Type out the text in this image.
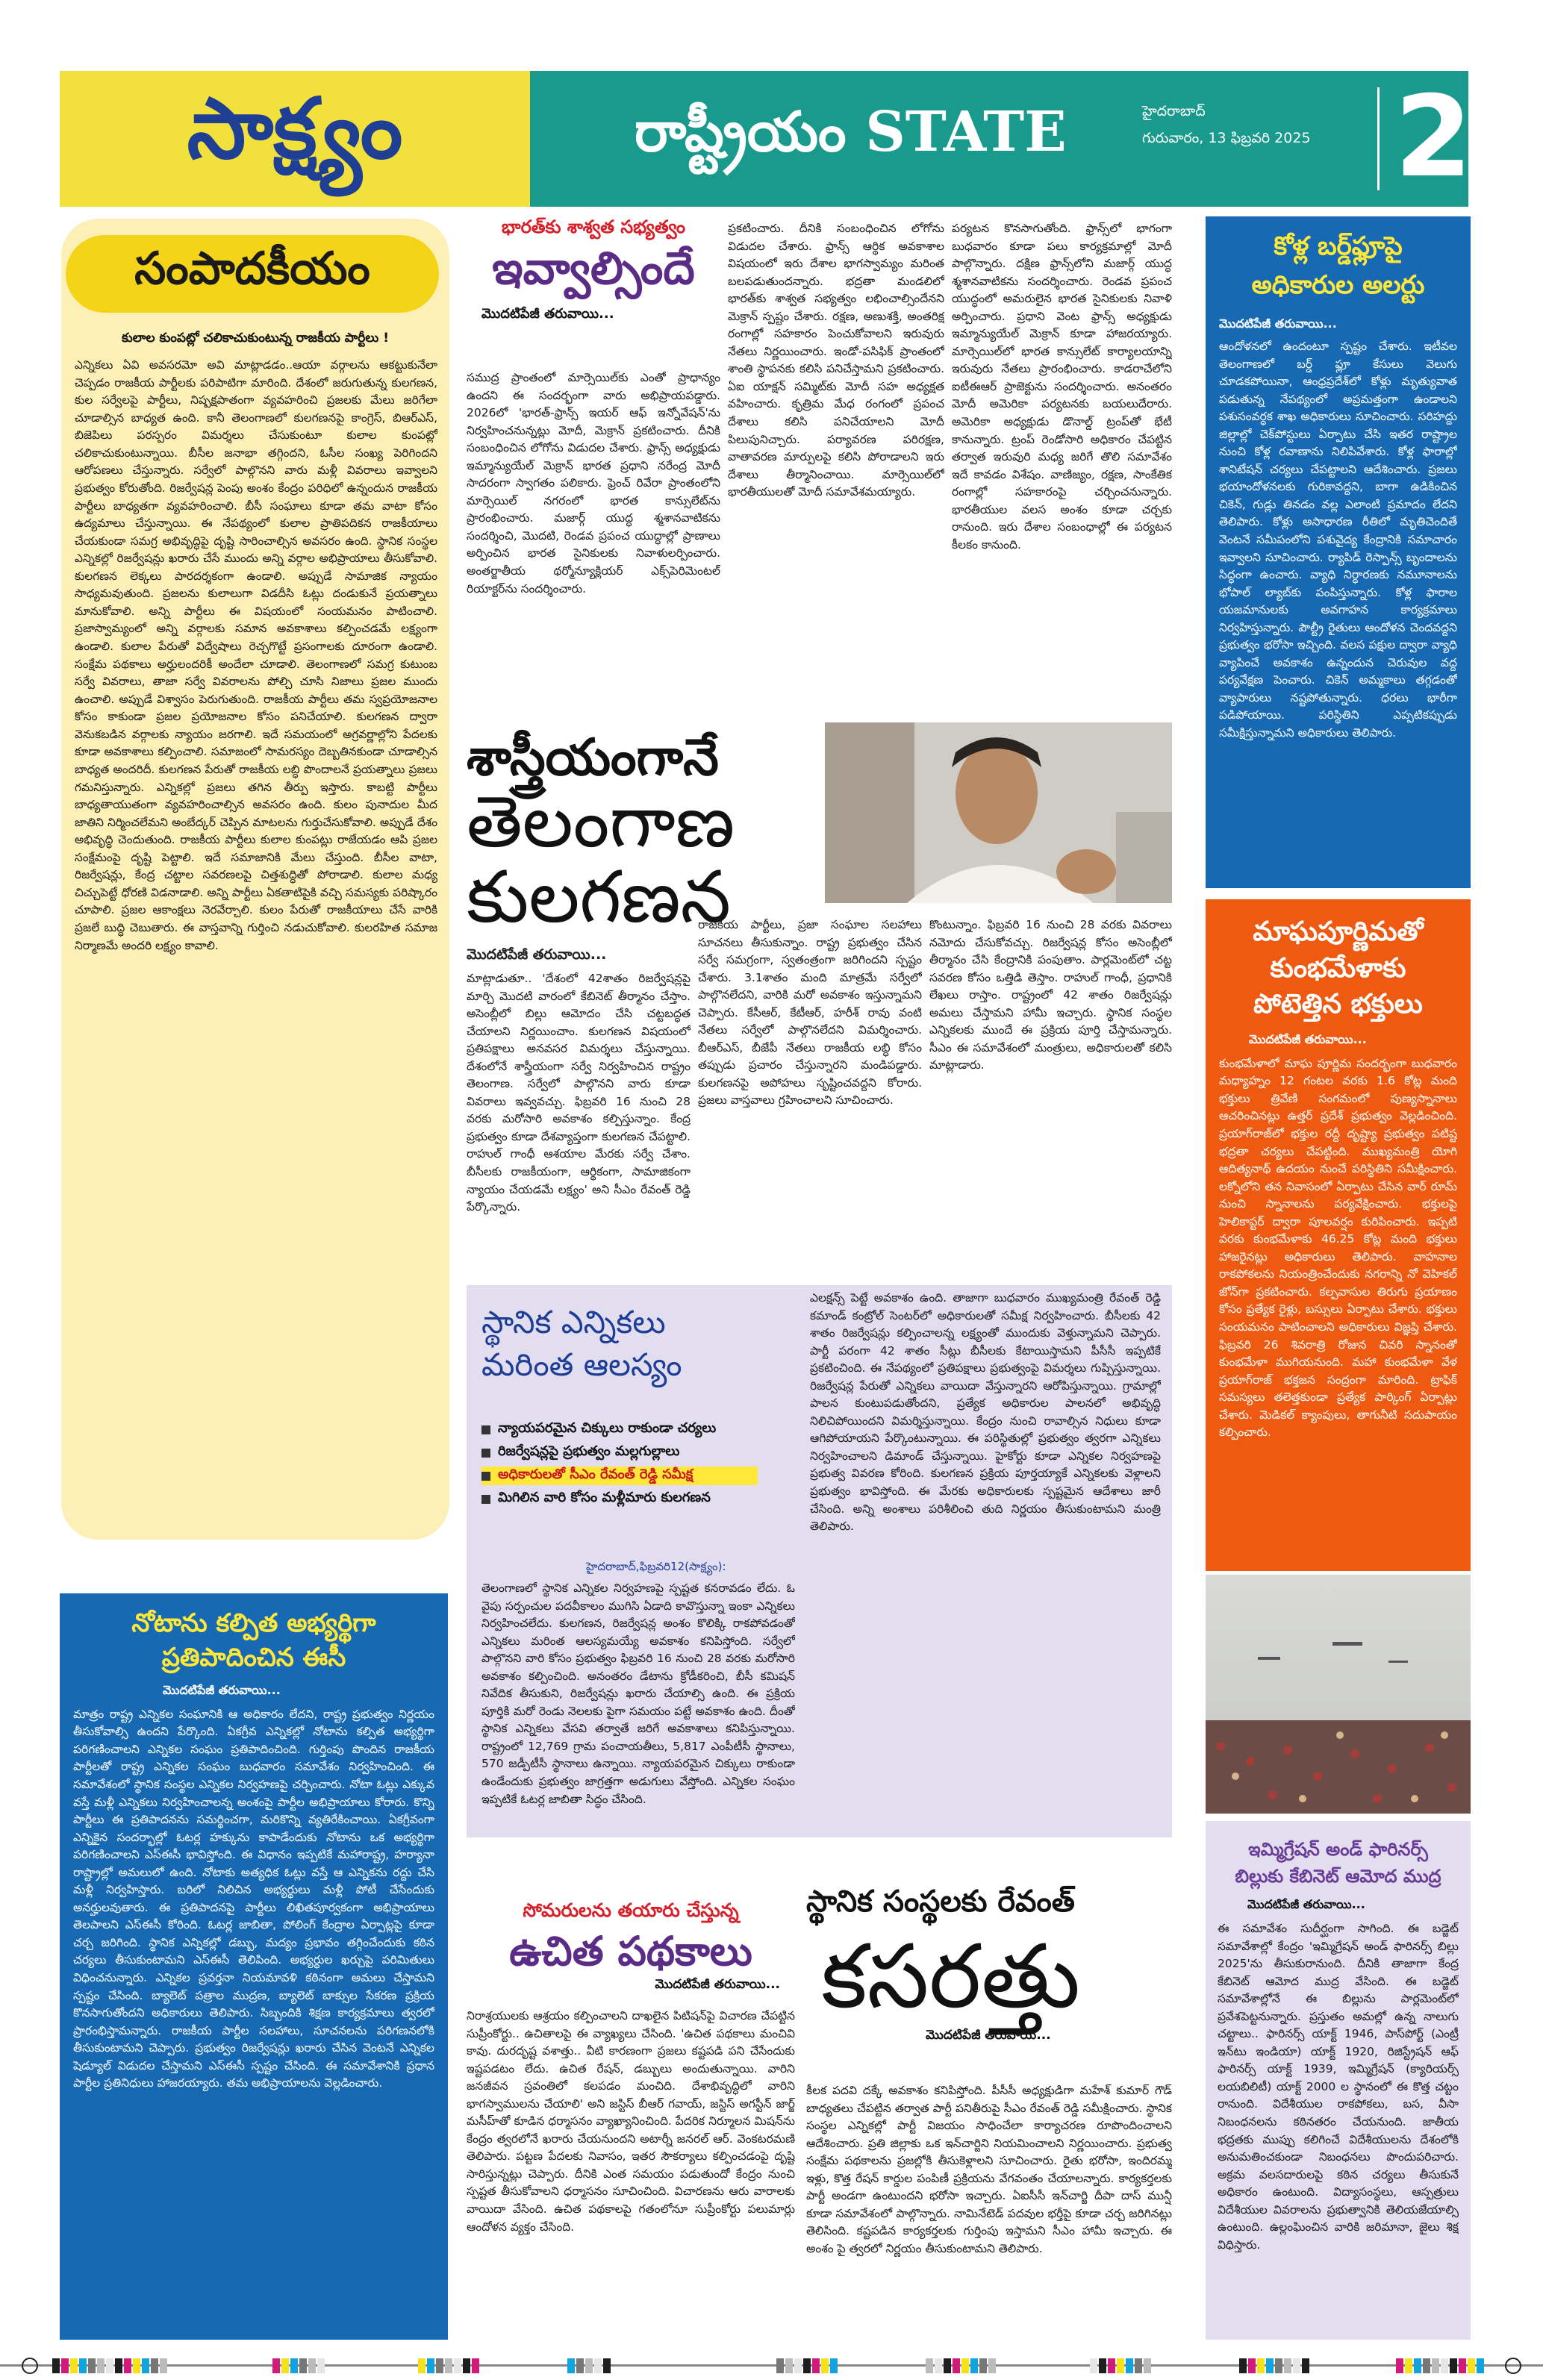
సాక్ష్యం	రాష్ట్రీయం STATE	హైదరాబాద్
గురువారం, 13 ఫిబ్రవరి 2025 2
సంపాదకీయం
కులాల కుంపట్లో చలికాచుకుంటున్న రాజకీయ పార్టీలు !
ఎన్నికలు ఏవి అవసరమో అవి మాట్లాడడం..ఆయా వర్గాలను ఆకట్టుకునేలా చెప్పడం రాజకీయ పార్టీలకు పరిపాటిగా మారింది. దేశంలో జరుగుతున్న కులగణన, కుల సర్వేలపై పార్టీలు, నిష్పక్షపాతంగా వ్యవహరించి ప్రజలకు మేలు జరిగేలా చూడాల్సిన బాధ్యత ఉంది. కానీ తెలంగాణలో కులగణనపై కాంగ్రెస్, బిఆర్ఎస్, బిజెపిలు పరస్పరం విమర్శలు చేసుకుంటూ కులాల కుంపట్లో చలికాచుకుంటున్నాయి. బీసీల జనాభా తగ్గిందని, ఓసీల సంఖ్య పెరిగిందని ఆరోపణలు చేస్తున్నారు. సర్వేలో పాల్గొనని వారు మళ్లీ వివరాలు ఇవ్వాలని ప్రభుత్వం కోరుతోంది. రిజర్వేషన్ల పెంపు అంశం కేంద్రం పరిధిలో ఉన్నందున రాజకీయ పార్టీలు బాధ్యతగా వ్యవహరించాలి. బీసీ సంఘాలు కూడా తమ వాటా కోసం ఉద్యమాలు చేస్తున్నాయి. ఈ నేపథ్యంలో కులాల ప్రాతిపదికన రాజకీయాలు చేయకుండా సమగ్ర అభివృద్ధిపై దృష్టి సారించాల్సిన అవసరం ఉంది. స్థానిక సంస్థల ఎన్నికల్లో రిజర్వేషన్లు ఖరారు చేసే ముందు అన్ని వర్గాల అభిప్రాయాలు తీసుకోవాలి. కులగణన లెక్కలు పారదర్శకంగా ఉండాలి. అప్పుడే సామాజిక న్యాయం సాధ్యమవుతుంది. ప్రజలను కులాలుగా విడదీసి ఓట్లు దండుకునే ప్రయత్నాలు మానుకోవాలి. అన్ని పార్టీలు ఈ విషయంలో సంయమనం పాటించాలి. ప్రజాస్వామ్యంలో అన్ని వర్గాలకు సమాన అవకాశాలు కల్పించడమే లక్ష్యంగా ఉండాలి. కులాల పేరుతో విద్వేషాలు రెచ్చగొట్టే ప్రసంగాలకు దూరంగా ఉండాలి. సంక్షేమ పథకాలు అర్హులందరికీ అందేలా చూడాలి. తెలంగాణలో సమగ్ర కుటుంబ సర్వే వివరాలు, తాజా సర్వే వివరాలను పోల్చి చూసి నిజాలు ప్రజల ముందు ఉంచాలి. అప్పుడే విశ్వాసం పెరుగుతుంది. రాజకీయ పార్టీలు తమ స్వప్రయోజనాల కోసం కాకుండా ప్రజల ప్రయోజనాల కోసం పనిచేయాలి. కులగణన ద్వారా వెనుకబడిన వర్గాలకు న్యాయం జరగాలి. ఇదే సమయంలో అగ్రవర్ణాల్లోని పేదలకు కూడా అవకాశాలు కల్పించాలి. సమాజంలో సామరస్యం దెబ్బతినకుండా చూడాల్సిన బాధ్యత అందరిదీ. కులగణన పేరుతో రాజకీయ లబ్ధి పొందాలనే ప్రయత్నాలు ప్రజలు గమనిస్తున్నారు. ఎన్నికల్లో ప్రజలు తగిన తీర్పు ఇస్తారు. కాబట్టి పార్టీలు బాధ్యతాయుతంగా వ్యవహరించాల్సిన అవసరం ఉంది. కులం పునాదుల మీద జాతిని నిర్మించలేమని అంబేద్కర్ చెప్పిన మాటలను గుర్తుచేసుకోవాలి. అప్పుడే దేశం అభివృద్ధి చెందుతుంది. రాజకీయ పార్టీలు కులాల కుంపట్లు రాజేయడం ఆపి ప్రజల సంక్షేమంపై దృష్టి పెట్టాలి. ఇదే సమాజానికి మేలు చేస్తుంది. బీసీల వాటా, రిజర్వేషన్లు, కేంద్ర చట్టాల సవరణలపై చిత్తశుద్ధితో పోరాడాలి. కులాల మధ్య చిచ్చుపెట్టే ధోరణి విడనాడాలి. అన్ని పార్టీలు ఏకతాటిపైకి వచ్చి సమస్యకు పరిష్కారం చూపాలి. ప్రజల ఆకాంక్షలు నెరవేర్చాలి. కులం పేరుతో రాజకీయాలు చేసే వారికి ప్రజలే బుద్ధి చెబుతారు. ఈ వాస్తవాన్ని గుర్తించి నడుచుకోవాలి. కులరహిత సమాజ నిర్మాణమే అందరి లక్ష్యం కావాలి.
భారత్‌కు శాశ్వత సభ్యత్వం
ఇవ్వాల్సిందే
మొదటిపేజీ తరువాయి...
సముద్ర ప్రాంతంలో మార్సెయిల్‌కు ఎంతో ప్రాధాన్యం ఉందని ఈ సందర్భంగా వారు అభిప్రాయపడ్డారు. 2026లో 'భారత్-ఫ్రాన్స్ ఇయర్ ఆఫ్ ఇన్నోవేషన్'ను నిర్వహించనున్నట్లు మోదీ, మెక్రాన్ ప్రకటించారు. దీనికి సంబంధించిన లోగోను విడుదల చేశారు. ఫ్రాన్స్ అధ్యక్షుడు ఇమ్మాన్యుయేల్ మెక్రాన్ భారత ప్రధాని నరేంద్ర మోదీ సాదరంగా స్వాగతం పలికారు. ఫ్రెంచ్ రివేరా ప్రాంతంలోని మార్సెయిల్ నగరంలో భారత కాన్సులేట్‌ను ప్రారంభించారు. మజార్గ్ యుద్ధ శ్మశానవాటికను సందర్శించి, మొదటి, రెండవ ప్రపంచ యుద్ధాల్లో ప్రాణాలు అర్పించిన భారత సైనికులకు నివాళులర్పించారు. అంతర్జాతీయ థర్మోన్యూక్లియర్ ఎక్స్‌పెరిమెంటల్ రియాక్టర్‌ను సందర్శించారు.
ప్రకటించారు. దీనికి సంబంధించిన లోగోను విడుదల చేశారు. ఫ్రాన్స్ ఆర్థిక అవకాశాల విషయంలో ఇరు దేశాల భాగస్వామ్యం మరింత బలపడుతుందన్నారు. భద్రతా మండలిలో భారత్‌కు శాశ్వత సభ్యత్వం లభించాల్సిందేనని మెక్రాన్ స్పష్టం చేశారు. రక్షణ, అణుశక్తి, అంతరిక్ష రంగాల్లో సహకారం పెంచుకోవాలని ఇరువురు నేతలు నిర్ణయించారు. ఇండో-పసిఫిక్ ప్రాంతంలో శాంతి స్థాపనకు కలిసి పనిచేస్తామని ప్రకటించారు. ఏఐ యాక్షన్ సమ్మిట్‌కు మోదీ సహ అధ్యక్షత వహించారు. కృత్రిమ మేధ రంగంలో ప్రపంచ దేశాలు కలిసి పనిచేయాలని మోదీ పిలుపునిచ్చారు. పర్యావరణ పరిరక్షణ, వాతావరణ మార్పులపై కలిసి పోరాడాలని ఇరు దేశాలు తీర్మానించాయి. మార్సెయిల్‌లో భారతీయులతో మోదీ సమావేశమయ్యారు.
పర్యటన కొనసాగుతోంది. ఫ్రాన్స్‌లో భాగంగా బుధవారం కూడా పలు కార్యక్రమాల్లో మోదీ పాల్గొన్నారు. దక్షిణ ఫ్రాన్స్‌లోని మజార్గ్ యుద్ధ శ్మశానవాటికను సందర్శించారు. రెండవ ప్రపంచ యుద్ధంలో అమరులైన భారత సైనికులకు నివాళి అర్పించారు. ప్రధాని వెంట ఫ్రాన్స్ అధ్యక్షుడు ఇమ్మాన్యుయేల్ మెక్రాన్ కూడా హాజరయ్యారు. మార్సెయిల్‌లో భారత కాన్సులేట్ కార్యాలయాన్ని ఇరువురు నేతలు ప్రారంభించారు. కాడరాచేలోని ఐటీఈఆర్ ప్రాజెక్టును సందర్శించారు. అనంతరం మోదీ అమెరికా పర్యటనకు బయలుదేరారు. అమెరికా అధ్యక్షుడు డొనాల్డ్ ట్రంప్‌తో భేటీ కానున్నారు. ట్రంప్ రెండోసారి అధికారం చేపట్టిన తర్వాత ఇరువురి మధ్య జరిగే తొలి సమావేశం ఇదే కావడం విశేషం. వాణిజ్యం, రక్షణ, సాంకేతిక రంగాల్లో సహకారంపై చర్చించనున్నారు. భారతీయుల వలస అంశం కూడా చర్చకు రానుంది. ఇరు దేశాల సంబంధాల్లో ఈ పర్యటన కీలకం కానుంది.
కోళ్ల బర్డ్‌ఫ్లూపై
అధికారుల అలర్టు
మొదటిపేజీ తరువాయి...
ఆందోళనలో ఉందంటూ స్పష్టం చేశారు. ఇటీవల తెలంగాణలో బర్డ్ ఫ్లూ కేసులు వెలుగు చూడకపోయినా, ఆంధ్రప్రదేశ్‌లో కోళ్లు మృత్యువాత పడుతున్న నేపథ్యంలో అప్రమత్తంగా ఉండాలని పశుసంవర్ధక శాఖ అధికారులు సూచించారు. సరిహద్దు జిల్లాల్లో చెక్‌పోస్టులు ఏర్పాటు చేసి ఇతర రాష్ట్రాల నుంచి కోళ్ల రవాణాను నిలిపివేశారు. కోళ్ల ఫారాల్లో శానిటేషన్ చర్యలు చేపట్టాలని ఆదేశించారు. ప్రజలు భయాందోళనలకు గురికావద్దని, బాగా ఉడికించిన చికెన్, గుడ్లు తినడం వల్ల ఎలాంటి ప్రమాదం లేదని తెలిపారు. కోళ్లు అసాధారణ రీతిలో మృతిచెందితే వెంటనే సమీపంలోని పశువైద్య కేంద్రానికి సమాచారం ఇవ్వాలని సూచించారు. ర్యాపిడ్ రెస్పాన్స్ బృందాలను సిద్ధంగా ఉంచారు. వ్యాధి నిర్ధారణకు నమూనాలను భోపాల్ ల్యాబ్‌కు పంపిస్తున్నారు. కోళ్ల ఫారాల యజమానులకు అవగాహన కార్యక్రమాలు నిర్వహిస్తున్నారు. పౌల్ట్రీ రైతులు ఆందోళన చెందవద్దని ప్రభుత్వం భరోసా ఇచ్చింది. వలస పక్షుల ద్వారా వ్యాధి వ్యాపించే అవకాశం ఉన్నందున చెరువుల వద్ద పర్యవేక్షణ పెంచారు. చికెన్ అమ్మకాలు తగ్గడంతో వ్యాపారులు నష్టపోతున్నారు. ధరలు భారీగా పడిపోయాయి. పరిస్థితిని ఎప్పటికప్పుడు సమీక్షిస్తున్నామని అధికారులు తెలిపారు.
శాస్త్రీయంగానే
తెలంగాణ
కులగణన
మొదటిపేజీ తరువాయి...
మాట్లాడుతూ.. 'దేశంలో 42శాతం రిజర్వేషన్లపై మార్చి మొదటి వారంలో కేబినెట్ తీర్మానం చేస్తాం. అసెంబ్లీలో బిల్లు ఆమోదం చేసి చట్టబద్ధత చేయాలని నిర్ణయించాం. కులగణన విషయంలో ప్రతిపక్షాలు అనవసర విమర్శలు చేస్తున్నాయి. దేశంలోనే శాస్త్రీయంగా సర్వే నిర్వహించిన రాష్ట్రం తెలంగాణ. సర్వేలో పాల్గొనని వారు కూడా వివరాలు ఇవ్వవచ్చు. ఫిబ్రవరి 16 నుంచి 28 వరకు మరోసారి అవకాశం కల్పిస్తున్నాం. కేంద్ర ప్రభుత్వం కూడా దేశవ్యాప్తంగా కులగణన చేపట్టాలి. రాహుల్ గాంధీ ఆశయాల మేరకు సర్వే చేశాం. బీసీలకు రాజకీయంగా, ఆర్థికంగా, సామాజికంగా న్యాయం చేయడమే లక్ష్యం' అని సీఎం రేవంత్ రెడ్డి పేర్కొన్నారు.
రాజకీయ పార్టీలు, ప్రజా సంఘాల సలహాలు సూచనలు తీసుకున్నాం. రాష్ట్ర ప్రభుత్వం చేసిన సర్వే సమగ్రంగా, స్వతంత్రంగా జరిగిందని స్పష్టం చేశారు. 3.1శాతం మంది మాత్రమే సర్వేలో పాల్గొనలేదని, వారికి మరో అవకాశం ఇస్తున్నామని చెప్పారు. కేసీఆర్, కేటీఆర్, హరీశ్ రావు వంటి నేతలు సర్వేలో పాల్గొనలేదని విమర్శించారు. బీఆర్ఎస్, బీజేపీ నేతలు రాజకీయ లబ్ధి కోసం తప్పుడు ప్రచారం చేస్తున్నారని మండిపడ్డారు. కులగణనపై అపోహలు సృష్టించవద్దని కోరారు. ప్రజలు వాస్తవాలు గ్రహించాలని సూచించారు.
కొంటున్నాం. ఫిబ్రవరి 16 నుంచి 28 వరకు వివరాలు నమోదు చేసుకోవచ్చు. రిజర్వేషన్ల కోసం అసెంబ్లీలో తీర్మానం చేసి కేంద్రానికి పంపుతాం. పార్లమెంట్‌లో చట్ట సవరణ కోసం ఒత్తిడి తెస్తాం. రాహుల్ గాంధీ, ప్రధానికి లేఖలు రాస్తాం. రాష్ట్రంలో 42 శాతం రిజర్వేషన్లు అమలు చేస్తామని హామీ ఇచ్చారు. స్థానిక సంస్థల ఎన్నికలకు ముందే ఈ ప్రక్రియ పూర్తి చేస్తామన్నారు. సీఎం ఈ సమావేశంలో మంత్రులు, అధికారులతో కలిసి మాట్లాడారు.
మాఘపూర్ణిమతో
కుంభమేళాకు
పోటెత్తిన భక్తులు
మొదటిపేజీ తరువాయి...
కుంభమేళాలో మాఘ పూర్ణిమ సందర్భంగా బుధవారం మధ్యాహ్నం 12 గంటల వరకు 1.6 కోట్ల మంది భక్తులు త్రివేణి సంగమంలో పుణ్యస్నానాలు ఆచరించినట్లు ఉత్తర్ ప్రదేశ్ ప్రభుత్వం వెల్లడించింది. ప్రయాగ్‌రాజ్‌లో భక్తుల రద్దీ దృష్ట్యా ప్రభుత్వం పటిష్ట భద్రతా చర్యలు చేపట్టింది. ముఖ్యమంత్రి యోగి ఆదిత్యనాథ్ ఉదయం నుంచే పరిస్థితిని సమీక్షించారు. లక్నోలోని తన నివాసంలో ఏర్పాటు చేసిన వార్ రూమ్ నుంచి స్నానాలను పర్యవేక్షించారు. భక్తులపై హెలికాప్టర్ ద్వారా పూలవర్షం కురిపించారు. ఇప్పటి వరకు కుంభమేళాకు 46.25 కోట్ల మంది భక్తులు హాజరైనట్లు అధికారులు తెలిపారు. వాహనాల రాకపోకలను నియంత్రించేందుకు నగరాన్ని నో వెహికల్ జోన్‌గా ప్రకటించారు. కల్పవాసుల తిరుగు ప్రయాణం కోసం ప్రత్యేక రైళ్లు, బస్సులు ఏర్పాటు చేశారు. భక్తులు సంయమనం పాటించాలని అధికారులు విజ్ఞప్తి చేశారు. ఫిబ్రవరి 26 శివరాత్రి రోజున చివరి స్నానంతో కుంభమేళా ముగియనుంది. మహా కుంభమేళా వేళ ప్రయాగ్‌రాజ్ భక్తజన సంద్రంగా మారింది. ట్రాఫిక్ సమస్యలు తలెత్తకుండా ప్రత్యేక పార్కింగ్ ఏర్పాట్లు చేశారు. మెడికల్ క్యాంపులు, తాగునీటి సదుపాయం కల్పించారు.
స్థానిక ఎన్నికలు
మరింత ఆలస్యం
న్యాయపరమైన చిక్కులు రాకుండా చర్యలు
రిజర్వేషన్లపై ప్రభుత్వం మల్లగుల్లాలు
అధికారులతో సీఎం రేవంత్ రెడ్డి సమీక్ష
మిగిలిన వారి కోసం మళ్లీమారు కులగణన
హైదరాబాద్,ఫిబ్రవరి12(సాక్ష్యం):
తెలంగాణలో స్థానిక ఎన్నికల నిర్వహణపై స్పష్టత కనరావడం లేదు. ఓ వైపు సర్పంచుల పదవీకాలం ముగిసి ఏడాది కావొస్తున్నా ఇంకా ఎన్నికలు నిర్వహించలేదు. కులగణన, రిజర్వేషన్ల అంశం కొలిక్కి రాకపోవడంతో ఎన్నికలు మరింత ఆలస్యమయ్యే అవకాశం కనిపిస్తోంది. సర్వేలో పాల్గొనని వారి కోసం ప్రభుత్వం ఫిబ్రవరి 16 నుంచి 28 వరకు మరోసారి అవకాశం కల్పించింది. అనంతరం డేటాను క్రోడీకరించి, బీసీ కమిషన్ నివేదిక తీసుకుని, రిజర్వేషన్లు ఖరారు చేయాల్సి ఉంది. ఈ ప్రక్రియ పూర్తికి మరో రెండు నెలలకు పైగా సమయం పట్టే అవకాశం ఉంది. దీంతో స్థానిక ఎన్నికలు వేసవి తర్వాతే జరిగే అవకాశాలు కనిపిస్తున్నాయి. రాష్ట్రంలో 12,769 గ్రామ పంచాయతీలు, 5,817 ఎంపీటీసీ స్థానాలు, 570 జడ్పీటీసీ స్థానాలు ఉన్నాయి. న్యాయపరమైన చిక్కులు రాకుండా ఉండేందుకు ప్రభుత్వం జాగ్రత్తగా అడుగులు వేస్తోంది. ఎన్నికల సంఘం ఇప్పటికే ఓటర్ల జాబితా సిద్ధం చేసింది.
ఎలక్షన్స్ పెట్టే అవకాశం ఉంది. తాజాగా బుధవారం ముఖ్యమంత్రి రేవంత్ రెడ్డి కమాండ్ కంట్రోల్ సెంటర్‌లో అధికారులతో సమీక్ష నిర్వహించారు. బీసీలకు 42 శాతం రిజర్వేషన్లు కల్పించాలన్న లక్ష్యంతో ముందుకు వెళ్తున్నామని చెప్పారు. పార్టీ పరంగా 42 శాతం సీట్లు బీసీలకు కేటాయిస్తామని పీసీసీ ఇప్పటికే ప్రకటించింది. ఈ నేపథ్యంలో ప్రతిపక్షాలు ప్రభుత్వంపై విమర్శలు గుప్పిస్తున్నాయి. రిజర్వేషన్ల పేరుతో ఎన్నికలు వాయిదా వేస్తున్నారని ఆరోపిస్తున్నాయి. గ్రామాల్లో పాలన కుంటుపడుతోందని, ప్రత్యేక అధికారుల పాలనలో అభివృద్ధి నిలిచిపోయిందని విమర్శిస్తున్నాయి. కేంద్రం నుంచి రావాల్సిన నిధులు కూడా ఆగిపోయాయని పేర్కొంటున్నాయి. ఈ పరిస్థితుల్లో ప్రభుత్వం త్వరగా ఎన్నికలు నిర్వహించాలని డిమాండ్ చేస్తున్నాయి. హైకోర్టు కూడా ఎన్నికల నిర్వహణపై ప్రభుత్వ వివరణ కోరింది. కులగణన ప్రక్రియ పూర్తయ్యాకే ఎన్నికలకు వెళ్లాలని ప్రభుత్వం భావిస్తోంది. ఈ మేరకు అధికారులకు స్పష్టమైన ఆదేశాలు జారీ చేసింది. అన్ని అంశాలు పరిశీలించి తుది నిర్ణయం తీసుకుంటామని మంత్రి తెలిపారు.
నోటాను కల్పిత అభ్యర్థిగా
ప్రతిపాదించిన ఈసీ
మొదటిపేజీ తరువాయి...
మాత్రం రాష్ట్ర ఎన్నికల సంఘానికి ఆ అధికారం లేదని, రాష్ట్ర ప్రభుత్వం నిర్ణయం తీసుకోవాల్సి ఉందని పేర్కొంది. ఏకగ్రీవ ఎన్నికల్లో నోటాను కల్పిత అభ్యర్థిగా పరిగణించాలని ఎన్నికల సంఘం ప్రతిపాదించింది. గుర్తింపు పొందిన రాజకీయ పార్టీలతో రాష్ట్ర ఎన్నికల సంఘం బుధవారం సమావేశం నిర్వహించింది. ఈ సమావేశంలో స్థానిక సంస్థల ఎన్నికల నిర్వహణపై చర్చించారు. నోటా ఓట్లు ఎక్కువ వస్తే మళ్లీ ఎన్నికలు నిర్వహించాలన్న అంశంపై పార్టీల అభిప్రాయాలు కోరారు. కొన్ని పార్టీలు ఈ ప్రతిపాదనను సమర్థించగా, మరికొన్ని వ్యతిరేకించాయి. ఏకగ్రీవంగా ఎన్నికైన సందర్భాల్లో ఓటర్ల హక్కును కాపాడేందుకు నోటాను ఒక అభ్యర్థిగా పరిగణించాలని ఎస్‌ఈసీ భావిస్తోంది. ఈ విధానం ఇప్పటికే మహారాష్ట్ర, హర్యానా రాష్ట్రాల్లో అమలులో ఉంది. నోటాకు అత్యధిక ఓట్లు వస్తే ఆ ఎన్నికను రద్దు చేసి మళ్లీ నిర్వహిస్తారు. బరిలో నిలిచిన అభ్యర్థులు మళ్లీ పోటీ చేసేందుకు అనర్హులవుతారు. ఈ ప్రతిపాదనపై పార్టీలు లిఖితపూర్వకంగా అభిప్రాయాలు తెలపాలని ఎస్‌ఈసీ కోరింది. ఓటర్ల జాబితా, పోలింగ్ కేంద్రాల ఏర్పాట్లపై కూడా చర్చ జరిగింది. స్థానిక ఎన్నికల్లో డబ్బు, మద్యం ప్రభావం తగ్గించేందుకు కఠిన చర్యలు తీసుకుంటామని ఎస్‌ఈసీ తెలిపింది. అభ్యర్థుల ఖర్చుపై పరిమితులు విధించనున్నారు. ఎన్నికల ప్రవర్తనా నియమావళి కఠినంగా అమలు చేస్తామని స్పష్టం చేసింది. బ్యాలెట్ పత్రాల ముద్రణ, బ్యాలెట్ బాక్సుల సేకరణ ప్రక్రియ కొనసాగుతోందని అధికారులు తెలిపారు. సిబ్బందికి శిక్షణ కార్యక్రమాలు త్వరలో ప్రారంభిస్తామన్నారు. రాజకీయ పార్టీల సలహాలు, సూచనలను పరిగణనలోకి తీసుకుంటామని చెప్పారు. ప్రభుత్వం రిజర్వేషన్లు ఖరారు చేసిన వెంటనే ఎన్నికల షెడ్యూల్ విడుదల చేస్తామని ఎస్‌ఈసీ స్పష్టం చేసింది. ఈ సమావేశానికి ప్రధాన పార్టీల ప్రతినిధులు హాజరయ్యారు. తమ అభిప్రాయాలను వెల్లడించారు.
సోమరులను తయారు చేస్తున్న
ఉచిత పథకాలు
మొదటిపేజీ తరువాయి...
నిరాశ్రయులకు ఆశ్రయం కల్పించాలని దాఖలైన పిటిషన్‌పై విచారణ చేపట్టిన సుప్రీంకోర్టు.. ఉచితాలపై ఈ వ్యాఖ్యలు చేసింది. 'ఉచిత పథకాలు మంచివి కావు. దురదృష్ట వశాత్తు.. వీటి కారణంగా ప్రజలు కష్టపడి పని చేసేందుకు ఇష్టపడటం లేదు. ఉచిత రేషన్, డబ్బులు అందుతున్నాయి. వారిని జనజీవన స్రవంతిలో కలపడం మంచిది. దేశాభివృద్ధిలో వారిని భాగస్వాములను చేయాలి' అని జస్టిస్ బీఆర్ గవాయ్, జస్టిస్ అగస్టీన్ జార్జ్ మసీహ్‌తో కూడిన ధర్మాసనం వ్యాఖ్యానించింది. పేదరిక నిర్మూలన మిషన్‌ను కేంద్రం త్వరలోనే ఖరారు చేయనుందని అటార్నీ జనరల్ ఆర్. వెంకటరమణి తెలిపారు. పట్టణ పేదలకు నివాసం, ఇతర సౌకర్యాలు కల్పించడంపై దృష్టి సారిస్తున్నట్లు చెప్పారు. దీనికి ఎంత సమయం పడుతుందో కేంద్రం నుంచి స్పష్టత తీసుకోవాలని ధర్మాసనం సూచించింది. విచారణను ఆరు వారాలకు వాయిదా వేసింది. ఉచిత పథకాలపై గతంలోనూ సుప్రీంకోర్టు పలుమార్లు ఆందోళన వ్యక్తం చేసింది.
స్థానిక సంస్థలకు రేవంత్
కసరత్తు
మొదటిపేజీ తరువాయి...
కీలక పదవి దక్కే అవకాశం కనిపిస్తోంది. పీసీసీ అధ్యక్షుడిగా మహేశ్ కుమార్ గౌడ్ బాధ్యతలు చేపట్టిన తర్వాత పార్టీ పనితీరుపై సీఎం రేవంత్ రెడ్డి సమీక్షించారు. స్థానిక సంస్థల ఎన్నికల్లో పార్టీ విజయం సాధించేలా కార్యాచరణ రూపొందించాలని ఆదేశించారు. ప్రతి జిల్లాకు ఒక ఇన్‌చార్జిని నియమించాలని నిర్ణయించారు. ప్రభుత్వ సంక్షేమ పథకాలను ప్రజల్లోకి తీసుకెళ్లాలని సూచించారు. రైతు భరోసా, ఇందిరమ్మ ఇళ్లు, కొత్త రేషన్ కార్డుల పంపిణీ ప్రక్రియను వేగవంతం చేయాలన్నారు. కార్యకర్తలకు పార్టీ అండగా ఉంటుందని భరోసా ఇచ్చారు. ఏఐసీసీ ఇన్‌చార్జి దీపా దాస్ మున్షీ కూడా సమావేశంలో పాల్గొన్నారు. నామినేటెడ్ పదవుల భర్తీపై కూడా చర్చ జరిగినట్లు తెలిసింది. కష్టపడిన కార్యకర్తలకు గుర్తింపు ఇస్తామని సీఎం హామీ ఇచ్చారు. ఈ అంశం పై త్వరలో నిర్ణయం తీసుకుంటామని తెలిపారు.
ఇమ్మిగ్రేషన్ అండ్ ఫారినర్స్
బిల్లుకు కేబినెట్ ఆమోద ముద్ర
మొదటిపేజీ తరువాయి...
ఈ సమావేశం సుదీర్ఘంగా సాగింది. ఈ బడ్జెట్ సమావేశాల్లో కేంద్రం 'ఇమ్మిగ్రేషన్ అండ్ ఫారినర్స్ బిల్లు 2025'ను తీసుకురానుంది. దీనికి తాజాగా కేంద్ర కేబినెట్ ఆమోద ముద్ర వేసింది. ఈ బడ్జెట్ సమావేశాల్లోనే ఈ బిల్లును పార్లమెంట్‌లో ప్రవేశపెట్టనున్నారు. ప్రస్తుతం అమల్లో ఉన్న నాలుగు చట్టాలు.. ఫారినర్స్ యాక్ట్ 1946, పాస్‌పోర్ట్ (ఎంట్రీ ఇన్‌టు ఇండియా) యాక్ట్ 1920, రిజిస్ట్రేషన్ ఆఫ్ ఫారినర్స్ యాక్ట్ 1939, ఇమ్మిగ్రేషన్ (క్యారియర్స్ లయబిలిటీ) యాక్ట్ 2000 ల స్థానంలో ఈ కొత్త చట్టం రానుంది. విదేశీయుల రాకపోకలు, బస, వీసా నిబంధనలను కఠినతరం చేయనుంది. జాతీయ భద్రతకు ముప్పు కలిగించే విదేశీయులను దేశంలోకి అనుమతించకుండా నిబంధనలు పొందుపరిచారు. అక్రమ వలసదారులపై కఠిన చర్యలు తీసుకునే అధికారం ఉంటుంది. విద్యాసంస్థలు, ఆస్పత్రులు విదేశీయుల వివరాలను ప్రభుత్వానికి తెలియజేయాల్సి ఉంటుంది. ఉల్లంఘించిన వారికి జరిమానా, జైలు శిక్ష విధిస్తారు.
